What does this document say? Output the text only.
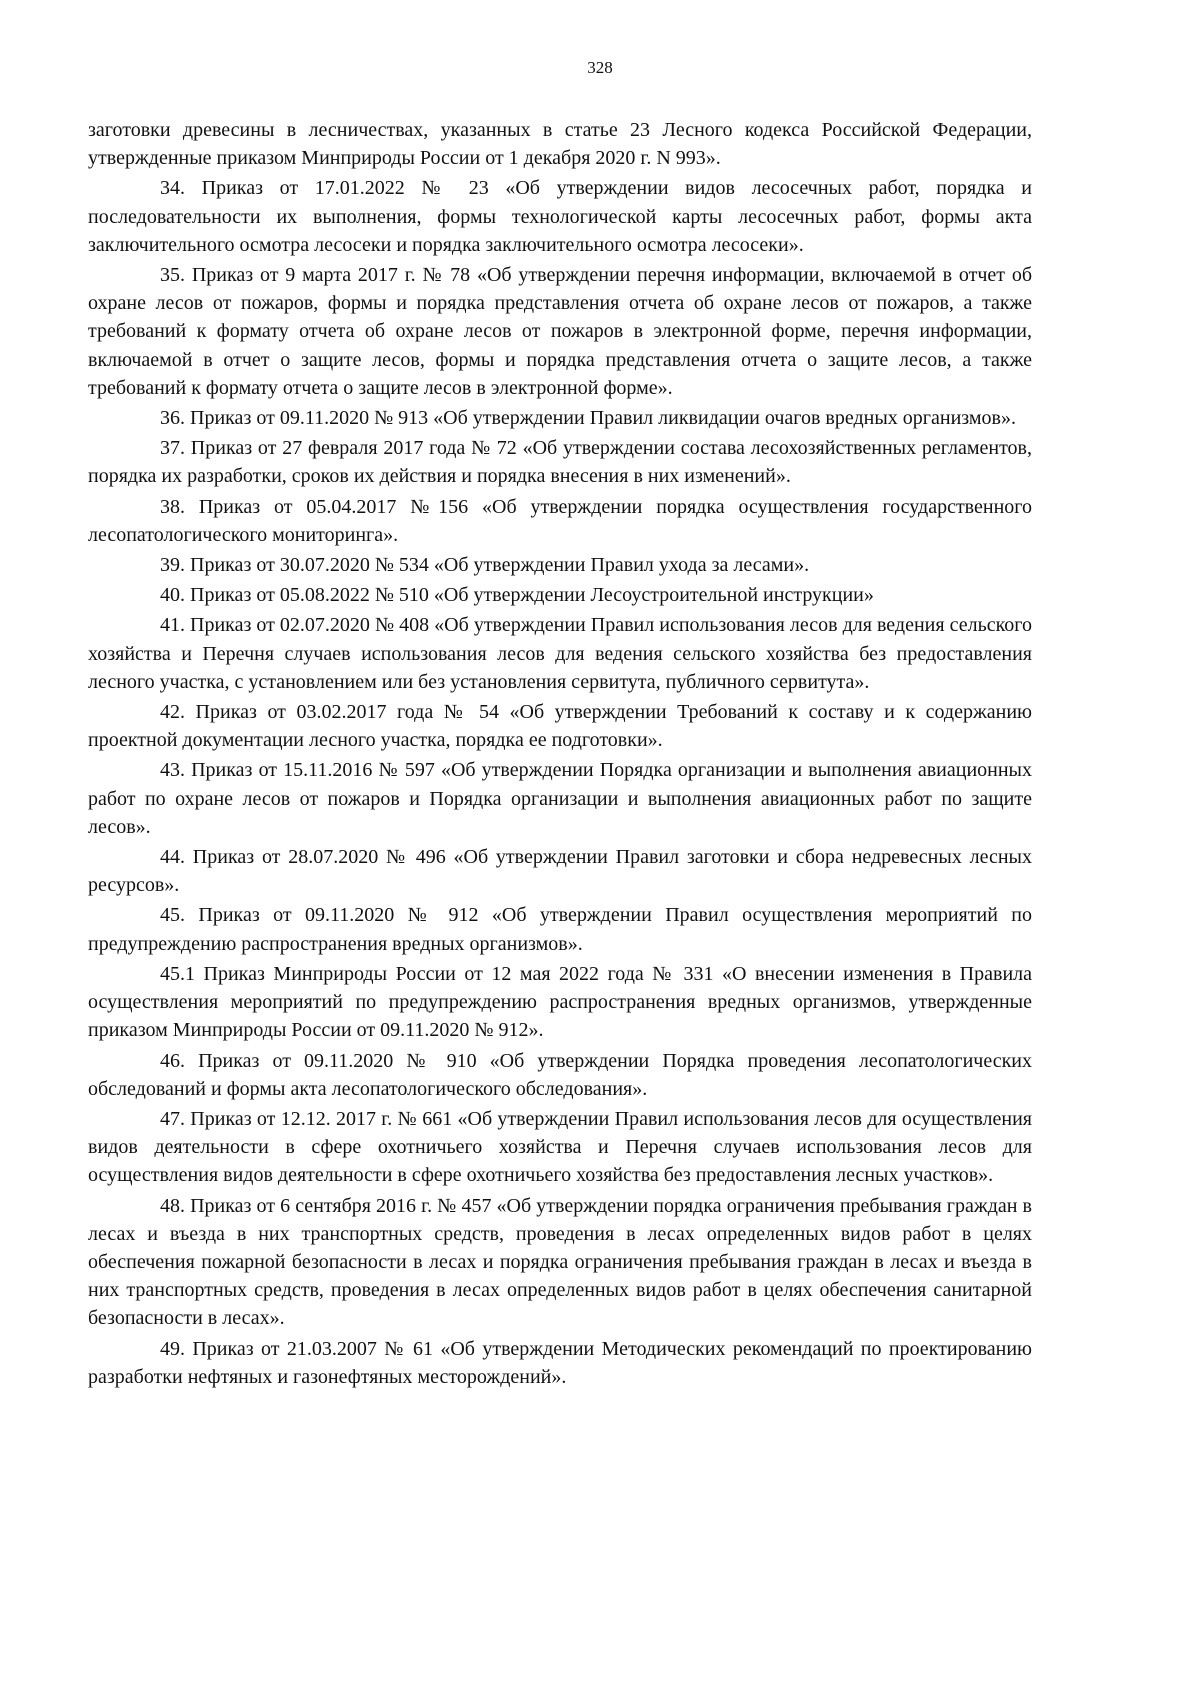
328

заготовки древесины в лесничествах, указанных в статье 23 Лесного кодекса Российской Федерации, утвержденные приказом Минприроды России от 1 декабря 2020 г. N 993».

34. Приказ от 17.01.2022 № 23 «Об утверждении видов лесосечных работ, порядка и последовательности их выполнения, формы технологической карты лесосечных работ, формы акта заключительного осмотра лесосеки и порядка заключительного осмотра лесосеки».

35. Приказ от 9 марта 2017 г. № 78 «Об утверждении перечня информации, включаемой в отчет об охране лесов от пожаров, формы и порядка представления отчета об охране лесов от пожаров, а также требований к формату отчета об охране лесов от пожаров в электронной форме, перечня информации, включаемой в отчет о защите лесов, формы и порядка представления отчета о защите лесов, а также требований к формату отчета о защите лесов в электронной форме».

36. Приказ от 09.11.2020 № 913 «Об утверждении Правил ликвидации очагов вредных организмов».

37. Приказ от 27 февраля 2017 года № 72 «Об утверждении состава лесохозяйственных регламентов, порядка их разработки, сроков их действия и порядка внесения в них изменений».

38. Приказ от 05.04.2017 №156 «Об утверждении порядка осуществления государственного лесопатологического мониторинга».

39. Приказ от 30.07.2020 № 534 «Об утверждении Правил ухода за лесами».

40. Приказ от 05.08.2022 № 510 «Об утверждении Лесоустроительной инструкции»

41. Приказ от 02.07.2020 № 408 «Об утверждении Правил использования лесов для ведения сельского хозяйства и Перечня случаев использования лесов для ведения сельского хозяйства без предоставления лесного участка, с установлением или без установления сервитута, публичного сервитута».

42. Приказ от 03.02.2017 года № 54 «Об утверждении Требований к составу и к содержанию проектной документации лесного участка, порядка ее подготовки».

43. Приказ от 15.11.2016 № 597 «Об утверждении Порядка организации и выполнения авиационных работ по охране лесов от пожаров и Порядка организации и выполнения авиационных работ по защите лесов».

44. Приказ от 28.07.2020 № 496 «Об утверждении Правил заготовки и сбора недревесных лесных ресурсов».

45. Приказ от 09.11.2020 № 912 «Об утверждении Правил осуществления мероприятий по предупреждению распространения вредных организмов».

45.1 Приказ Минприроды России от 12 мая 2022 года № 331 «О внесении изменения в Правила осуществления мероприятий по предупреждению распространения вредных организмов, утвержденные приказом Минприроды России от 09.11.2020 № 912».

46. Приказ от 09.11.2020 № 910 «Об утверждении Порядка проведения лесопатологических обследований и формы акта лесопатологического обследования».

47. Приказ от 12.12. 2017 г. № 661 «Об утверждении Правил использования лесов для осуществления видов деятельности в сфере охотничьего хозяйства и Перечня случаев использования лесов для осуществления видов деятельности в сфере охотничьего хозяйства без предоставления лесных участков».

48. Приказ от 6 сентября 2016 г. № 457 «Об утверждении порядка ограничения пребывания граждан в лесах и въезда в них транспортных средств, проведения в лесах определенных видов работ в целях обеспечения пожарной безопасности в лесах и порядка ограничения пребывания граждан в лесах и въезда в них транспортных средств, проведения в лесах определенных видов работ в целях обеспечения санитарной безопасности в лесах».

49. Приказ от 21.03.2007 № 61 «Об утверждении Методических рекомендаций по проектированию разработки нефтяных и газонефтяных месторождений».
